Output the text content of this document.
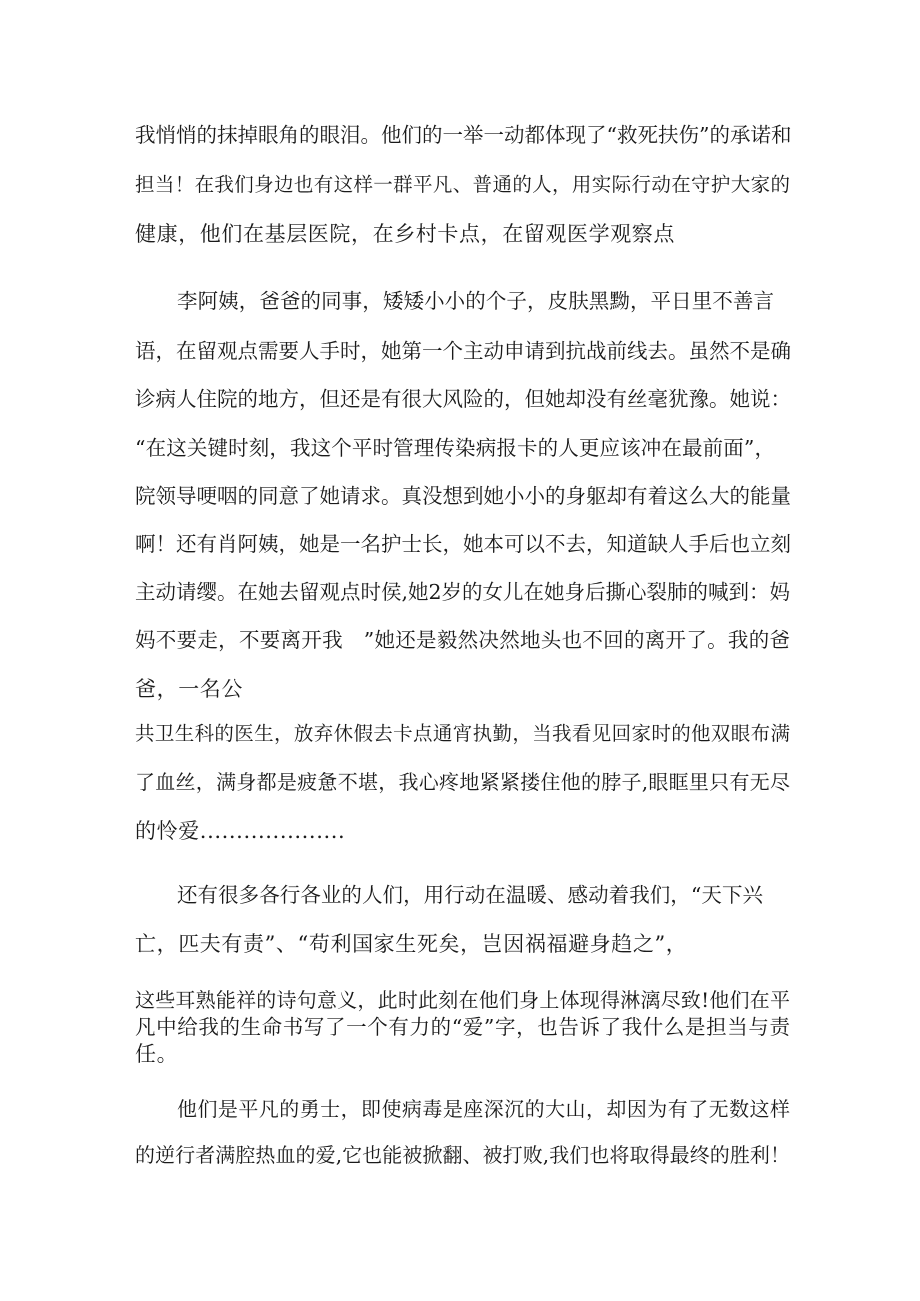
我悄悄的抹掉眼角的眼泪。他们的一举一动都体现了“救死扶伤”的承诺和
担当！在我们身边也有这样一群平凡、普通的人，用实际行动在守护大家的
健康，他们在基层医院，在乡村卡点，在留观医学观察点
李阿姨，爸爸的同事，矮矮小小的个子，皮肤黑黝，平日里不善言
语，在留观点需要人手时，她第一个主动申请到抗战前线去。虽然不是确
诊病人住院的地方，但还是有很大风险的，但她却没有丝毫犹豫。她说：
“在这关键时刻，我这个平时管理传染病报卡的人更应该冲在最前面”，
院领导哽咽的同意了她请求。真没想到她小小的身躯却有着这么大的能量
啊！还有肖阿姨，她是一名护士长，她本可以不去，知道缺人手后也立刻
主动请缨。在她去留观点时侯,她2岁的女儿在她身后撕心裂肺的喊到：妈
妈不要走，不要离开我　”她还是毅然决然地头也不回的离开了。我的爸
爸，一名公
共卫生科的医生，放弃休假去卡点通宵执勤，当我看见回家时的他双眼布满
了血丝，满身都是疲惫不堪，我心疼地紧紧搂住他的脖子,眼眶里只有无尽
的怜爱....................
还有很多各行各业的人们，用行动在温暖、感动着我们，“天下兴
亡，匹夫有责”、“苟利国家生死矣，岂因祸福避身趋之”，
这些耳熟能祥的诗句意义，此时此刻在他们身上体现得淋漓尽致!他们在平
凡中给我的生命书写了一个有力的“爱”字，也告诉了我什么是担当与责
任。
他们是平凡的勇士，即使病毒是座深沉的大山，却因为有了无数这样
的逆行者满腔热血的爱,它也能被掀翻、被打败,我们也将取得最终的胜利！
